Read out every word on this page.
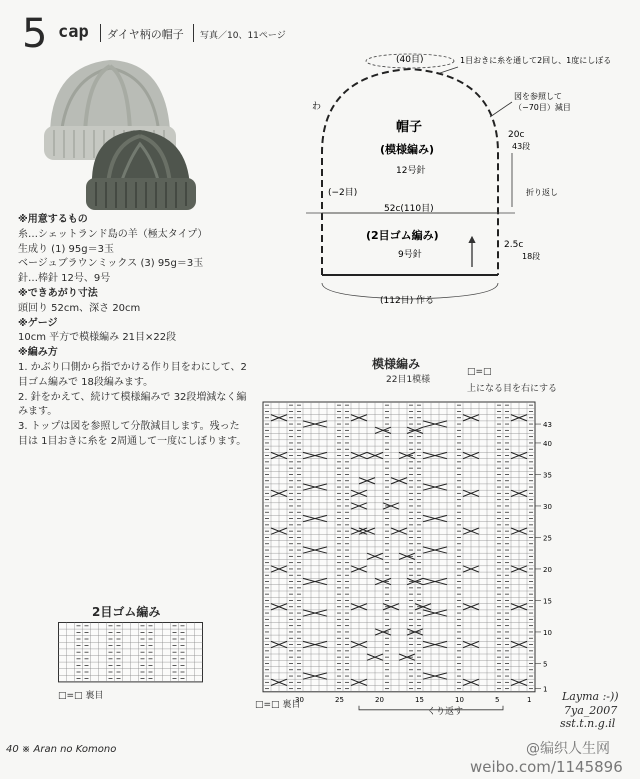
5 cap ダイヤ柄の帽子 写真／10、11ページ
※用意するもの
糸…シェットランド島の羊（極太タイプ）
生成り (1) 95g＝3玉
ベージュブラウンミックス (3) 95g＝3玉
針…棒針 12号、9号
※できあがり寸法
頭回り 52cm、深さ 20cm
※ゲージ
10cm 平方で模様編み 21目×22段
※編み方
1. かぶり口側から指でかける作り目をわにして、2目ゴム編みで 18段編みます。
2. 針をかえて、続けて模様編みで 32段増減なく編みます。
3. トップは図を参照して分散減目します。残った目は 1目おきに糸を 2周通して一度にしぼります。
(40目)	1目おきに糸を通して2回し、1度にしぼる
図を参照して
（−70目）減目
わ
帽子
(模様編み)
12号針
20c
43段
(−2目)	折り返し
52c(110目)
(2目ゴム編み)
9号針
2.5c
18段
(112目) 作る
模様編み
22目1模様
□=□
上になる目を右にする
43
40
35
30
25
20
15
10
5
1
30	25	20	15	10	5	1
□=□ 裏目
くり返す
2目ゴム編み
□=□ 裏目
40 ※ Aran no Komono
Layma :-))
7ya_2007
sst.t.n.g.il
@编织人生网
weibo.com/1145896
